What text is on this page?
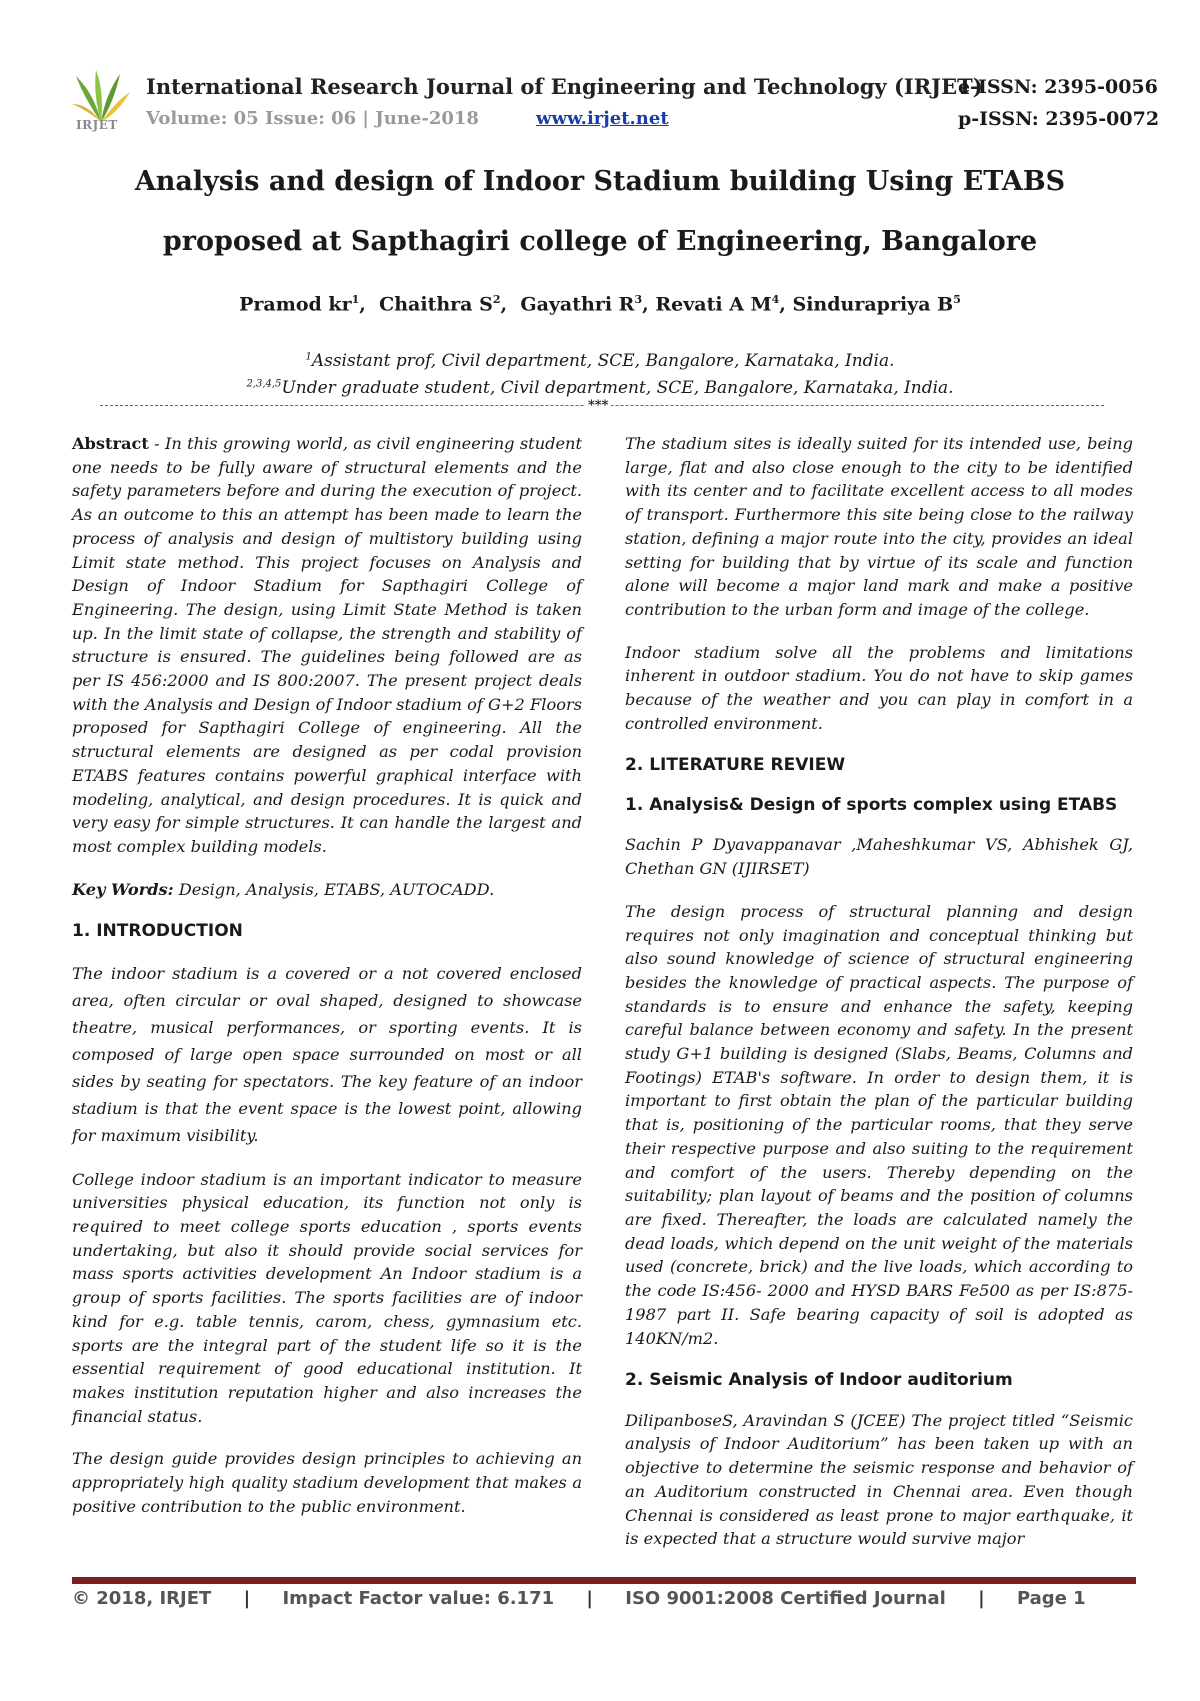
IRJET
International Research Journal of Engineering and Technology (IRJET)
e-ISSN: 2395-0056
Volume: 05 Issue: 06 | June-2018	www.irjet.net	p-ISSN: 2395-0072
Analysis and design of Indoor Stadium building Using ETABS
proposed at Sapthagiri college of Engineering, Bangalore
Pramod $kr^1$,  Chaithra $S^2$,  Gayathri $R^3$, Revati A $M^4$, Sindurapriya $B^5$
$^1$Assistant prof, Civil department, SCE, Bangalore, Karnataka, India.
$^{2,3,4,5}$Under graduate student, Civil department, SCE, Bangalore, Karnataka, India.
***

Abstract - In this growing world, as civil engineering student one needs to be fully aware of structural elements and the safety parameters before and during the execution of project. As an outcome to this an attempt has been made to learn the process of analysis and design of multistory building using Limit state method. This project focuses on Analysis and Design of Indoor Stadium for Sapthagiri College of Engineering. The design, using Limit State Method is taken up. In the limit state of collapse, the strength and stability of structure is ensured. The guidelines being followed are as per IS 456:2000 and IS 800:2007. The present project deals with the Analysis and Design of Indoor stadium of G+2 Floors proposed for Sapthagiri College of engineering. All the structural elements are designed as per codal provision ETABS features contains powerful graphical interface with modeling, analytical, and design procedures. It is quick and very easy for simple structures. It can handle the largest and most complex building models.

Key Words: Design, Analysis, ETABS, AUTOCADD.

1. INTRODUCTION

The indoor stadium is a covered or a not covered enclosed area, often circular or oval shaped, designed to showcase theatre, musical performances, or sporting events. It is composed of large open space surrounded on most or all sides by seating for spectators. The key feature of an indoor stadium is that the event space is the lowest point, allowing for maximum visibility.

College indoor stadium is an important indicator to measure universities physical education, its function not only is required to meet college sports education , sports events undertaking, but also it should provide social services for mass sports activities development An Indoor stadium is a group of sports facilities. The sports facilities are of indoor kind for e.g. table tennis, carom, chess, gymnasium etc. sports are the integral part of the student life so it is the essential requirement of good educational institution. It makes institution reputation higher and also increases the financial status.

The design guide provides design principles to achieving an appropriately high quality stadium development that makes a positive contribution to the public environment.

The stadium sites is ideally suited for its intended use, being large, flat and also close enough to the city to be identified with its center and to facilitate excellent access to all modes of transport. Furthermore this site being close to the railway station, defining a major route into the city, provides an ideal setting for building that by virtue of its scale and function alone will become a major land mark and make a positive contribution to the urban form and image of the college.

Indoor stadium solve all the problems and limitations inherent in outdoor stadium. You do not have to skip games because of the weather and you can play in comfort in a controlled environment.

2. LITERATURE REVIEW
1. Analysis& Design of sports complex using ETABS

Sachin P Dyavappanavar ,Maheshkumar VS, Abhishek GJ, Chethan GN (IJIRSET)

The design process of structural planning and design requires not only imagination and conceptual thinking but also sound knowledge of science of structural engineering besides the knowledge of practical aspects. The purpose of standards is to ensure and enhance the safety, keeping careful balance between economy and safety. In the present study G+1 building is designed (Slabs, Beams, Columns and Footings) ETAB's software. In order to design them, it is important to first obtain the plan of the particular building that is, positioning of the particular rooms, that they serve their respective purpose and also suiting to the requirement and comfort of the users. Thereby depending on the suitability; plan layout of beams and the position of columns are fixed. Thereafter, the loads are calculated namely the dead loads, which depend on the unit weight of the materials used (concrete, brick) and the live loads, which according to the code IS:456- 2000 and HYSD BARS Fe500 as per IS:875-1987 part II. Safe bearing capacity of soil is adopted as 140KN/m2.

2. Seismic Analysis of Indoor auditorium

DilipanboseS, Aravindan S (JCEE) The project titled “Seismic analysis of Indoor Auditorium” has been taken up with an objective to determine the seismic response and behavior of an Auditorium constructed in Chennai area. Even though Chennai is considered as least prone to major earthquake, it is expected that a structure would survive major

© 2018, IRJET | Impact Factor value: 6.171 | ISO 9001:2008 Certified Journal | Page 1
